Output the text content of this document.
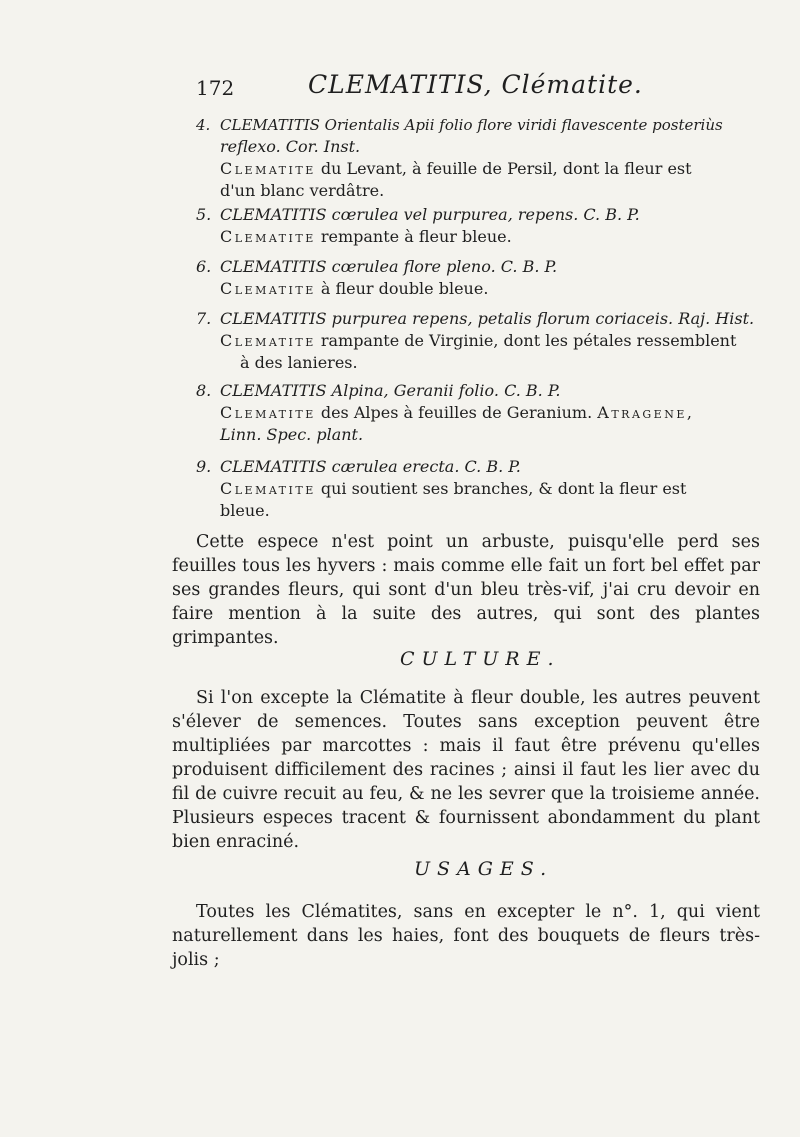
172	CLEMATITIS, Clématite.
4. CLEMATITIS Orientalis Apii folio flore viridi flavescente posteriùs
reflexo. Cor. Inst.
Clematite du Levant, à feuille de Persil, dont la fleur est
d'un blanc verdâtre.
5. CLEMATITIS cœrulea vel purpurea, repens. C. B. P.
Clematite rempante à fleur bleue.
6. CLEMATITIS cœrulea flore pleno. C. B. P.
Clematite à fleur double bleue.
7. CLEMATITIS purpurea repens, petalis florum coriaceis. Raj. Hist.
Clematite rampante de Virginie, dont les pétales ressemblent
à des lanieres.
8. CLEMATITIS Alpina, Geranii folio. C. B. P.
Clematite des Alpes à feuilles de Geranium. Atragene,
Linn. Spec. plant.
9. CLEMATITIS cærulea erecta. C. B. P.
Clematite qui soutient ses branches, & dont la fleur est
bleue.
Cette espece n'est point un arbuste, puisqu'elle perd ses feuilles tous les hyvers : mais comme elle fait un fort bel effet par ses grandes fleurs, qui sont d'un bleu très-vif, j'ai cru devoir en faire mention à la suite des autres, qui sont des plantes grimpantes.
CULTURE.
Si l'on excepte la Clématite à fleur double, les autres peuvent s'élever de semences. Toutes sans exception peuvent être multipliées par marcottes : mais il faut être prévenu qu'elles produisent difficilement des racines ; ainsi il faut les lier avec du fil de cuivre recuit au feu, & ne les sevrer que la troisieme année. Plusieurs especes tracent & fournissent abondamment du plant bien enraciné.
USAGES.
Toutes les Clématites, sans en excepter le n°. 1, qui vient naturellement dans les haies, font des bouquets de fleurs très-jolis ;
